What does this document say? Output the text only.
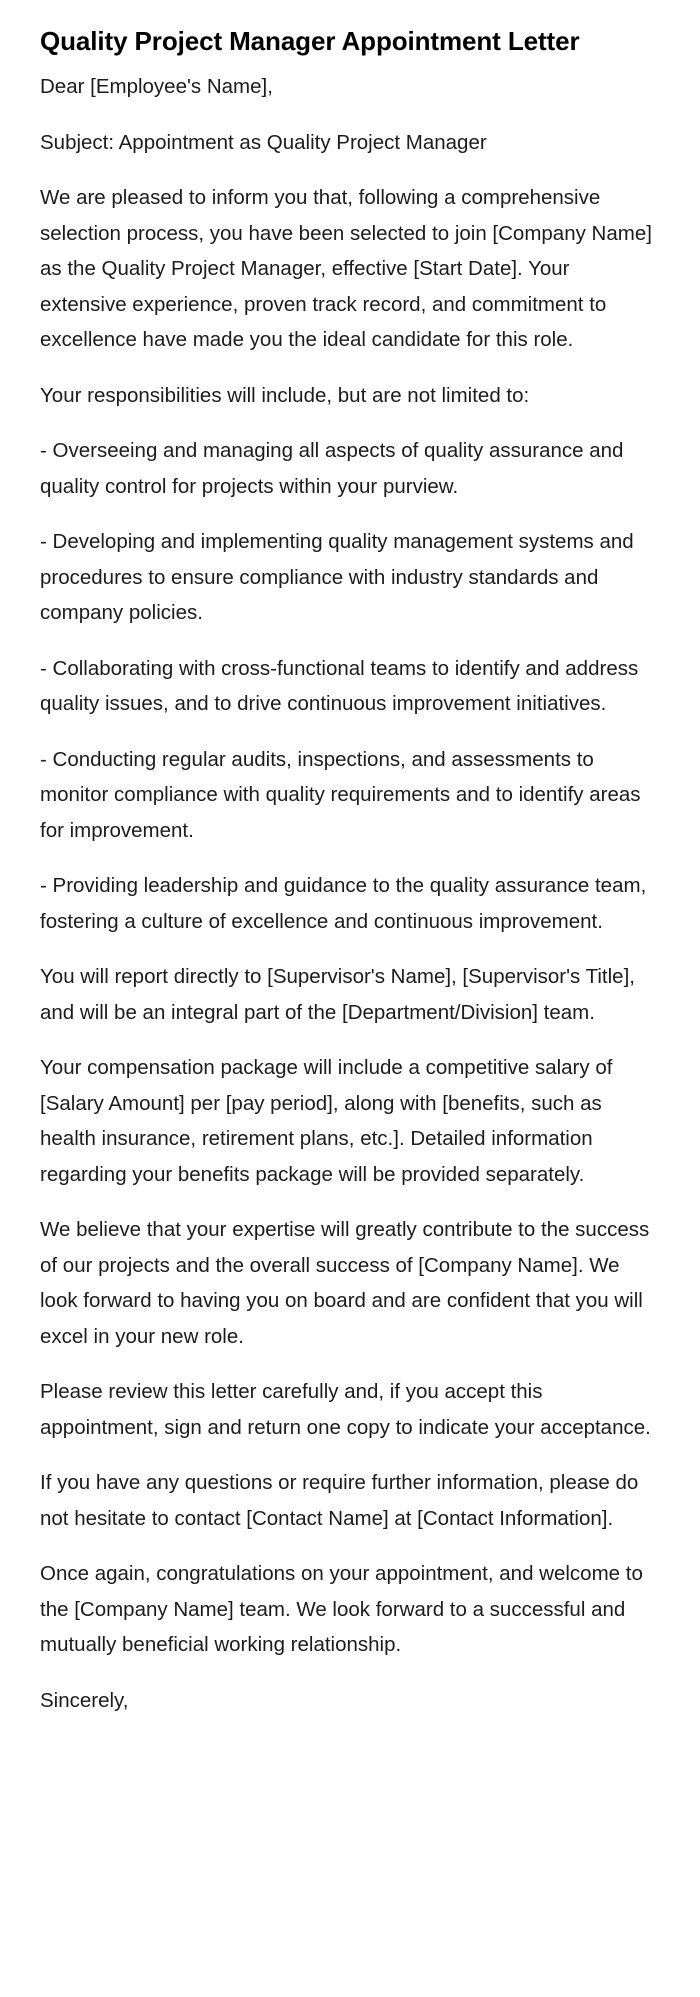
Quality Project Manager Appointment Letter

Dear [Employee's Name],

Subject: Appointment as Quality Project Manager

We are pleased to inform you that, following a comprehensive selection process, you have been selected to join [Company Name] as the Quality Project Manager, effective [Start Date]. Your extensive experience, proven track record, and commitment to excellence have made you the ideal candidate for this role.

Your responsibilities will include, but are not limited to:

- Overseeing and managing all aspects of quality assurance and quality control for projects within your purview.

- Developing and implementing quality management systems and procedures to ensure compliance with industry standards and company policies.

- Collaborating with cross-functional teams to identify and address quality issues, and to drive continuous improvement initiatives.

- Conducting regular audits, inspections, and assessments to monitor compliance with quality requirements and to identify areas for improvement.

- Providing leadership and guidance to the quality assurance team, fostering a culture of excellence and continuous improvement.

You will report directly to [Supervisor's Name], [Supervisor's Title], and will be an integral part of the [Department/Division] team.

Your compensation package will include a competitive salary of [Salary Amount] per [pay period], along with [benefits, such as health insurance, retirement plans, etc.]. Detailed information regarding your benefits package will be provided separately.

We believe that your expertise will greatly contribute to the success of our projects and the overall success of [Company Name]. We look forward to having you on board and are confident that you will excel in your new role.

Please review this letter carefully and, if you accept this appointment, sign and return one copy to indicate your acceptance.

If you have any questions or require further information, please do not hesitate to contact [Contact Name] at [Contact Information].

Once again, congratulations on your appointment, and welcome to the [Company Name] team. We look forward to a successful and mutually beneficial working relationship.

Sincerely,
